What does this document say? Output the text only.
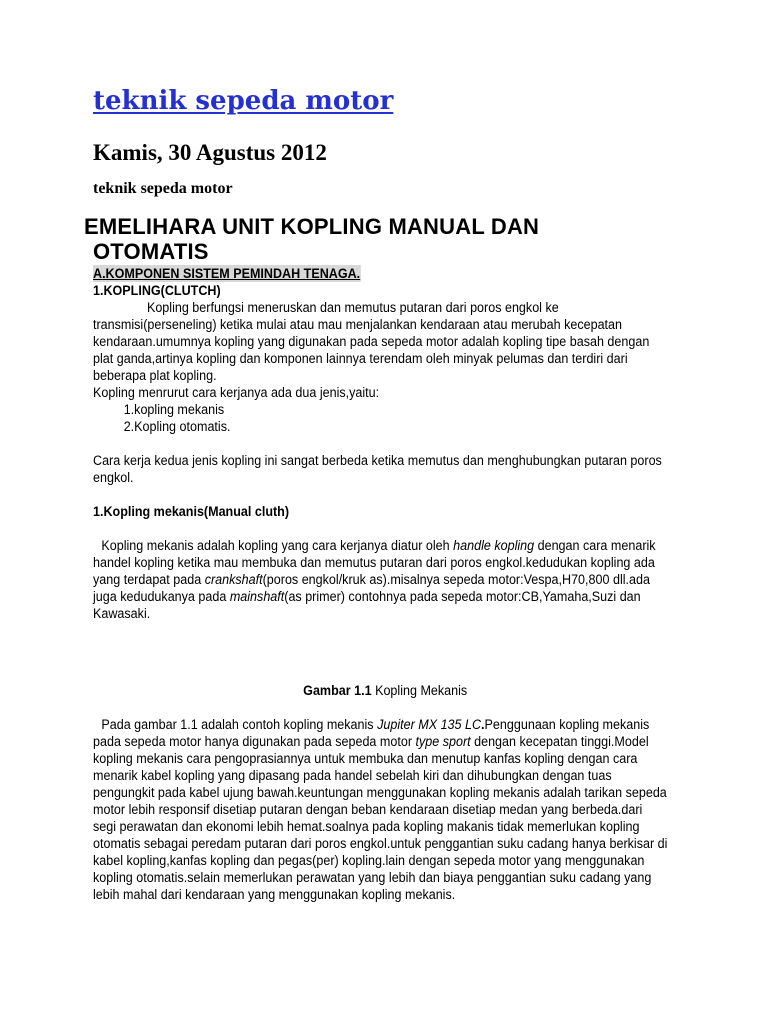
teknik sepeda motor
Kamis, 30 Agustus 2012
teknik sepeda motor
EMELIHARA UNIT KOPLING MANUAL DAN
OTOMATIS

A.KOMPONEN SISTEM PEMINDAH TENAGA.

1.KOPLING(CLUTCH)

Kopling berfungsi meneruskan dan memutus putaran dari poros engkol ke

transmisi(perseneling) ketika mulai atau mau menjalankan kendaraan atau merubah kecepatan

kendaraan.umumnya kopling yang digunakan pada sepeda motor adalah kopling tipe basah dengan

plat ganda,artinya kopling dan komponen lainnya terendam oleh minyak pelumas dan terdiri dari

beberapa plat kopling.

Kopling menrurut cara kerjanya ada dua jenis,yaitu:

1.kopling mekanis

2.Kopling otomatis.

Cara kerja kedua jenis kopling ini sangat berbeda ketika memutus dan menghubungkan putaran poros

engkol.

1.Kopling mekanis(Manual cluth)

Kopling mekanis adalah kopling yang cara kerjanya diatur oleh handle kopling dengan cara menarik

handel kopling ketika mau membuka dan memutus putaran dari poros engkol.kedudukan kopling ada

yang terdapat pada crankshaft(poros engkol/kruk as).misalnya sepeda motor:Vespa,H70,800 dll.ada

juga kedudukanya pada mainshaft(as primer) contohnya pada sepeda motor:CB,Yamaha,Suzi dan

Kawasaki.

Gambar 1.1 Kopling Mekanis

Pada gambar 1.1 adalah contoh kopling mekanis Jupiter MX 135 LC.Penggunaan kopling mekanis

pada sepeda motor hanya digunakan pada sepeda motor type sport dengan kecepatan tinggi.Model

kopling mekanis cara pengoprasiannya untuk membuka dan menutup kanfas kopling dengan cara

menarik kabel kopling yang dipasang pada handel sebelah kiri dan dihubungkan dengan tuas

pengungkit pada kabel ujung bawah.keuntungan menggunakan kopling mekanis adalah tarikan sepeda

motor lebih responsif disetiap putaran dengan beban kendaraan disetiap medan yang berbeda.dari

segi perawatan dan ekonomi lebih hemat.soalnya pada kopling makanis tidak memerlukan kopling

otomatis sebagai peredam putaran dari poros engkol.untuk penggantian suku cadang hanya berkisar di

kabel kopling,kanfas kopling dan pegas(per) kopling.lain dengan sepeda motor yang menggunakan

kopling otomatis.selain memerlukan perawatan yang lebih dan biaya penggantian suku cadang yang

lebih mahal dari kendaraan yang menggunakan kopling mekanis.
